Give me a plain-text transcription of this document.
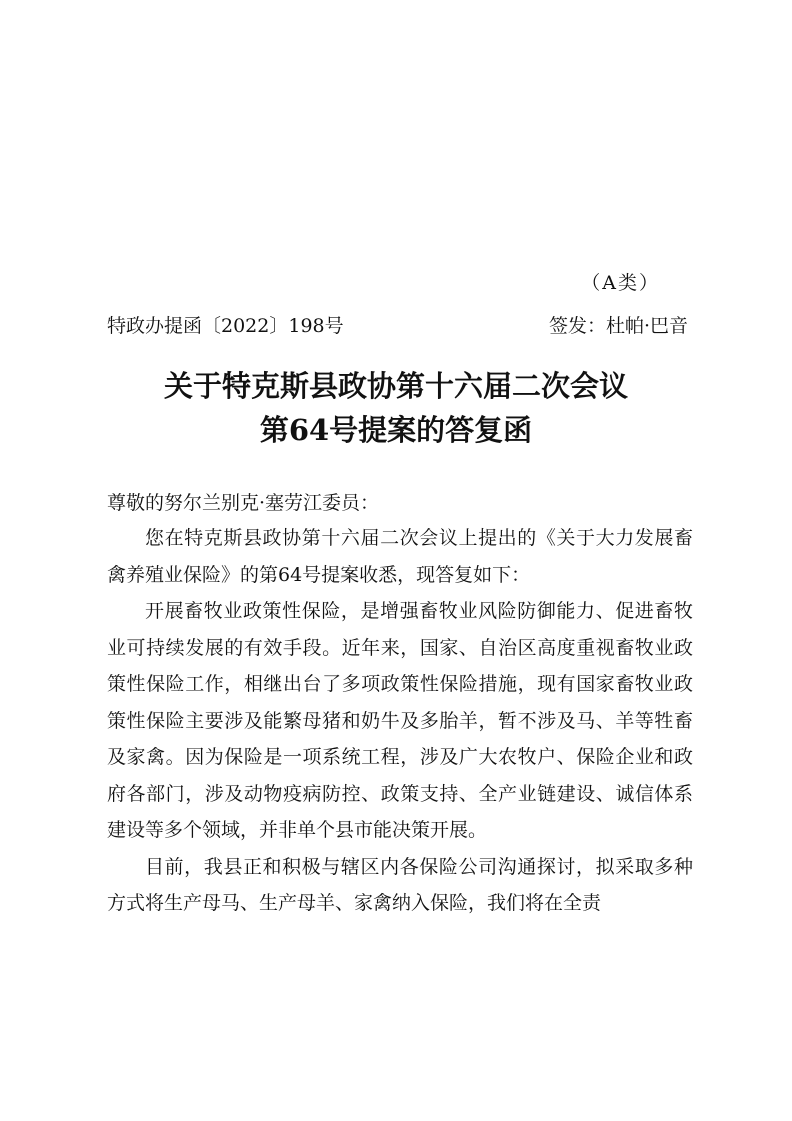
（A类）
特政办提函〔2022〕198号	签发：杜帕·巴音
关于特克斯县政协第十六届二次会议
第64号提案的答复函
尊敬的努尔兰别克·塞劳江委员：

您在特克斯县政协第十六届二次会议上提出的《关于大力发展畜禽养殖业保险》的第64号提案收悉，现答复如下：

开展畜牧业政策性保险，是增强畜牧业风险防御能力、促进畜牧业可持续发展的有效手段。近年来，国家、自治区高度重视畜牧业政策性保险工作，相继出台了多项政策性保险措施，现有国家畜牧业政策性保险主要涉及能繁母猪和奶牛及多胎羊，暂不涉及马、羊等牲畜及家禽。因为保险是一项系统工程，涉及广大农牧户、保险企业和政府各部门，涉及动物疫病防控、政策支持、全产业链建设、诚信体系建设等多个领域，并非单个县市能决策开展。

目前，我县正和积极与辖区内各保险公司沟通探讨，拟采取多种方式将生产母马、生产母羊、家禽纳入保险，我们将在全责
